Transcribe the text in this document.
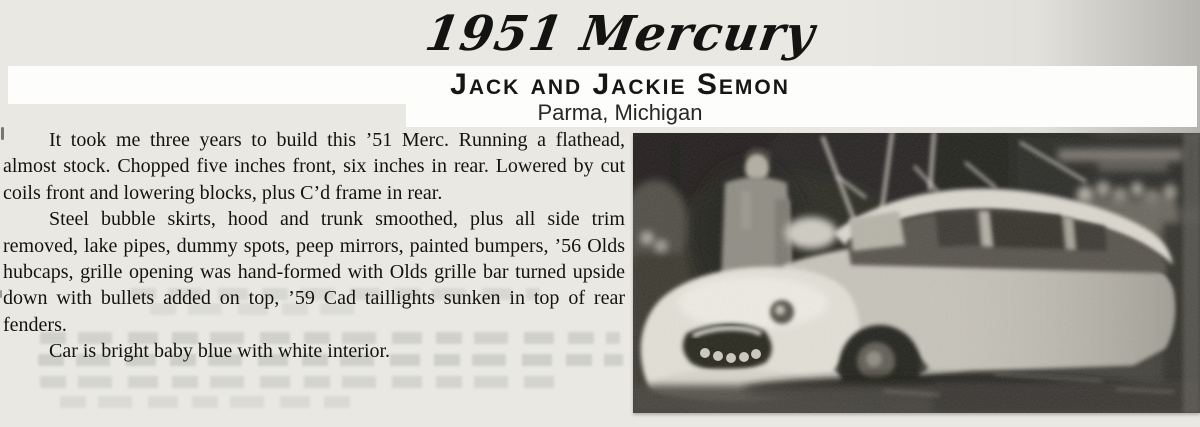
1951 Mercury
Jack and Jackie Semon
Parma, Michigan

It took me three years to build this ’51 Merc. Running a flathead, almost stock. Chopped five inches front, six inches in rear. Lowered by cut coils front and lowering blocks, plus C’d frame in rear.

Steel bubble skirts, hood and trunk smoothed, plus all side trim removed, lake pipes, dummy spots, peep mirrors, painted bumpers, ’56 Olds hubcaps, grille opening was hand-formed with Olds grille bar turned upside down with bullets added on top, ’59 Cad taillights sunken in top of rear fenders.

Car is bright baby blue with white interior.
